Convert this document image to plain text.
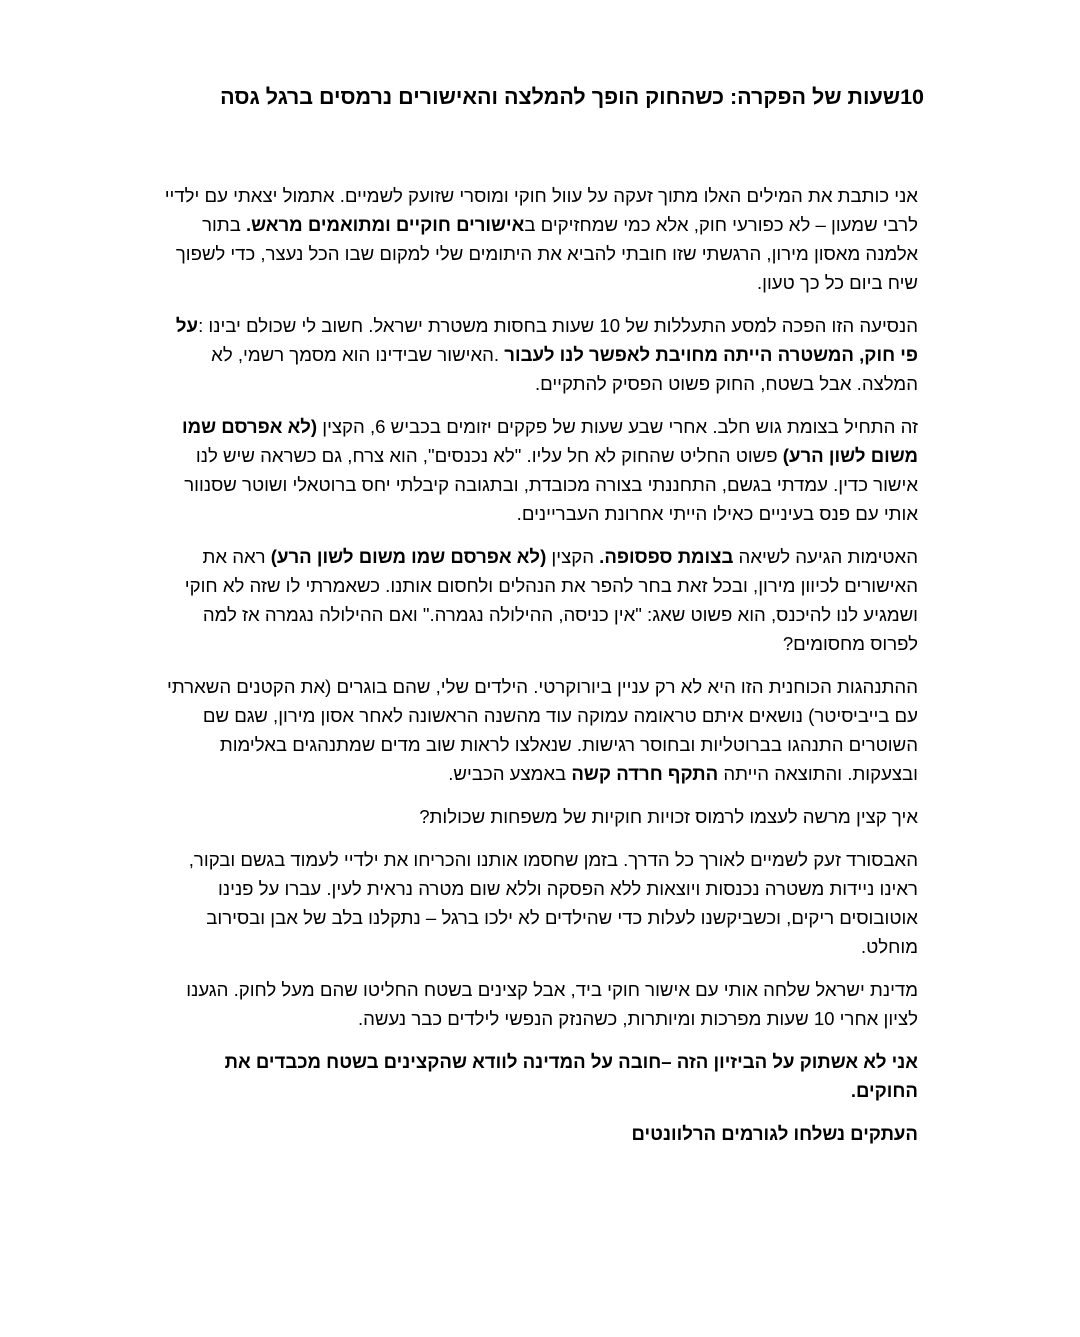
10שעות של הפקרה: כשהחוק הופך להמלצה והאישורים נרמסים ברגל גסה

אני כותבת את המילים האלו מתוך זעקה על עוול חוקי ומוסרי שזועק לשמיים. אתמול יצאתי עם ילדיי לרבי שמעון – לא כפורעי חוק, אלא כמי שמחזיקים באישורים חוקיים ומתואמים מראש. בתור אלמנה מאסון מירון, הרגשתי שזו חובתי להביא את היתומים שלי למקום שבו הכל נעצר, כדי לשפוך שיח ביום כל כך טעון.

הנסיעה הזו הפכה למסע התעללות של 10 שעות בחסות משטרת ישראל. חשוב לי שכולם יבינו :על פי חוק, המשטרה הייתה מחויבת לאפשר לנו לעבור .האישור שבידינו הוא מסמך רשמי, לא המלצה. אבל בשטח, החוק פשוט הפסיק להתקיים.

זה התחיל בצומת גוש חלב. אחרי שבע שעות של פקקים יזומים בכביש 6, הקצין (לא אפרסם שמו משום לשון הרע) פשוט החליט שהחוק לא חל עליו. "לא נכנסים", הוא צרח, גם כשראה שיש לנו אישור כדין. עמדתי בגשם, התחננתי בצורה מכובדת, ובתגובה קיבלתי יחס ברוטאלי ושוטר שסנוור אותי עם פנס בעיניים כאילו הייתי אחרונת העבריינים.

האטימות הגיעה לשיאה בצומת ספסופה. הקצין (לא אפרסם שמו משום לשון הרע) ראה את האישורים לכיוון מירון, ובכל זאת בחר להפר את הנהלים ולחסום אותנו. כשאמרתי לו שזה לא חוקי ושמגיע לנו להיכנס, הוא פשוט שאג: "אין כניסה, ההילולה נגמרה." ואם ההילולה נגמרה אז למה לפרוס מחסומים?

ההתנהגות הכוחנית הזו היא לא רק עניין ביורוקרטי. הילדים שלי, שהם בוגרים (את הקטנים השארתי עם בייביסיטר) נושאים איתם טראומה עמוקה עוד מהשנה הראשונה לאחר אסון מירון, שגם שם השוטרים התנהגו בברוטליות ובחוסר רגישות. שנאלצו לראות שוב מדים שמתנהגים באלימות ובצעקות. והתוצאה הייתה התקף חרדה קשה באמצע הכביש.

איך קצין מרשה לעצמו לרמוס זכויות חוקיות של משפחות שכולות?

האבסורד זעק לשמיים לאורך כל הדרך. בזמן שחסמו אותנו והכריחו את ילדיי לעמוד בגשם ובקור, ראינו ניידות משטרה נכנסות ויוצאות ללא הפסקה וללא שום מטרה נראית לעין. עברו על פנינו אוטובוסים ריקים, וכשביקשנו לעלות כדי שהילדים לא ילכו ברגל – נתקלנו בלב של אבן ובסירוב מוחלט.

מדינת ישראל שלחה אותי עם אישור חוקי ביד, אבל קצינים בשטח החליטו שהם מעל לחוק. הגענו לציון אחרי 10 שעות מפרכות ומיותרות, כשהנזק הנפשי לילדים כבר נעשה.

אני לא אשתוק על הביזיון הזה –חובה על המדינה לוודא שהקצינים בשטח מכבדים את החוקים.

העתקים נשלחו לגורמים הרלוונטים
